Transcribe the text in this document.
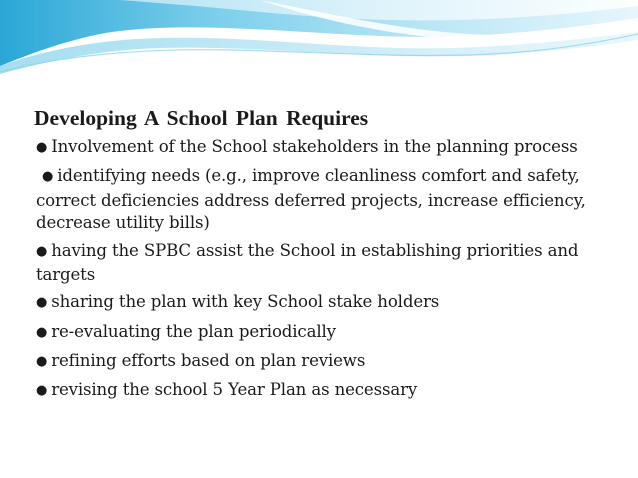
Developing A School Plan Requires
● Involvement of the School stakeholders in the planning process
● identifying needs (e.g., improve cleanliness comfort and safety, correct deficiencies address deferred projects, increase efficiency, decrease utility bills)
● having the SPBC assist the School in establishing priorities and targets
● sharing the plan with key School stake holders
● re-evaluating the plan periodically
● refining efforts based on plan reviews
● revising the school 5 Year Plan as necessary
